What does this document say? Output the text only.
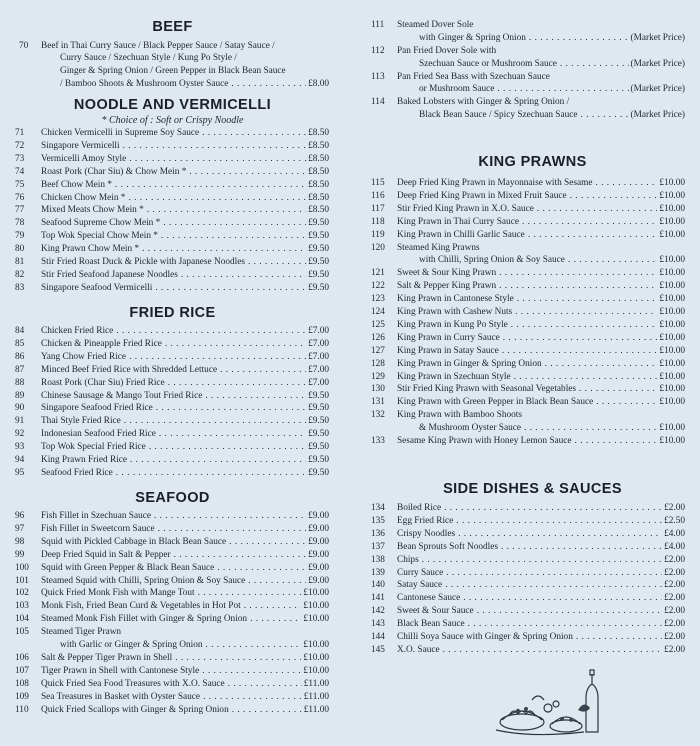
BEEF
70 Beef in Thai Curry Sauce / Black Pepper Sauce / Satay Sauce /
Curry Sauce / Szechuan Style / Kung Po Style /
Ginger & Spring Onion / Green Pepper in Black Bean Sauce
/ Bamboo Shoots & Mushroom Oyster Sauce . . .	£8.00
NOODLE AND VERMICELLI
* Choice of : Soft or Crispy Noodle
71 Chicken Vermicelli in Supreme Soy Sauce . . .	£8.50
72 Singapore Vermicelli . . .	£8.50
73 Vermicelli Amoy Style . . .	£8.50
74 Roast Pork (Char Siu) & Chow Mein * . . .	£8.50
75 Beef Chow Mein * . . .	£8.50
76 Chicken Chow Mein * . . .	£8.50
77 Mixed Meats Chow Mein * . . .	£8.50
78 Seafood Supreme Chow Mein * . . .	£9.50
79 Top Wok Special Chow Mein * . . .	£9.50
80 King Prawn Chow Mein * . . .	£9.50
81 Stir Fried Roast Duck & Pickle with Japanese Noodles . . .	£9.50
82 Stir Fried Seafood Japanese Noodles . . .	£9.50
83 Singapore Seafood Vermicelli . . .	£9.50
FRIED RICE
84 Chicken Fried Rice . . .	£7.00
85 Chicken & Pineapple Fried Rice . . .	£7.00
86 Yang Chow Fried Rice . . .	£7.00
87 Minced Beef Fried Rice with Shredded Lettuce . . .	£7.00
88 Roast Pork (Char Siu) Fried Rice . . .	£7.00
89 Chinese Sausage & Mango Tout Fried Rice . . .	£9.50
90 Singapore Seafood Fried Rice . . .	£9.50
91 Thai Style Fried Rice . . .	£9.50
92 Indonesian Seafood Fried Rice . . .	£9.50
93 Top Wok Special Fried Rice . . .	£9.50
94 King Prawn Fried Rice . . .	£9.50
95 Seafood Fried Rice . . .	£9.50
SEAFOOD
96 Fish Fillet in Szechuan Sauce . . .	£9.00
97 Fish Fillet in Sweetcorn Sauce . . .	£9.00
98 Squid with Pickled Cabbage in Black Bean Sauce . . .	£9.00
99 Deep Fried Squid in Salt & Pepper . . .	£9.00
100 Squid with Green Pepper & Black Bean Sauce . . .	£9.00
101 Steamed Squid with Chilli, Spring Onion & Soy Sauce . . .	£9.00
102 Quick Fried Monk Fish with Mange Tout . . .	£10.00
103 Monk Fish, Fried Bean Curd & Vegetables in Hot Pot . . .	£10.00
104 Steamed Monk Fish Fillet with Ginger & Spring Onion . . .	£10.00
105 Steamed Tiger Prawn
with Garlic or Ginger & Spring Onion . . .	£10.00
106 Salt & Pepper Tiger Prawn in Shell . . .	£10.00
107 Tiger Prawn in Shell with Cantonese Style . . .	£10.00
108 Quick Fried Sea Food Treasures with X.O. Sauce . . .	£11.00
109 Sea Treasures in Basket with Oyster Sauce . . .	£11.00
110 Quick Fried Scallops with Ginger & Spring Onion . . .	£11.00
111 Steamed Dover Sole
with Ginger & Spring Onion . . .	(Market Price)
112 Pan Fried Dover Sole with
Szechuan Sauce or Mushroom Sauce . . .	(Market Price)
113 Pan Fried Sea Bass with Szechuan Sauce
or Mushroom Sauce . . .	(Market Price)
114 Baked Lobsters with Ginger & Spring Onion /
Black Bean Sauce / Spicy Szechuan Sauce . . .	(Market Price)
KING PRAWNS
115 Deep Fried King Prawn in Mayonnaise with Sesame . . .	£10.00
116 Deep Fried King Prawn in Mixed Fruit Sauce . . .	£10.00
117 Stir Fried King Prawn in X.O. Sauce . . .	£10.00
118 King Prawn in Thai Curry Sauce . . .	£10.00
119 King Prawn in Chilli Garlic Sauce . . .	£10.00
120 Steamed King Prawns
with Chilli, Spring Onion & Soy Sauce . . .	£10.00
121 Sweet & Sour King Prawn . . .	£10.00
122 Salt & Pepper King Prawn . . .	£10.00
123 King Prawn in Cantonese Style . . .	£10.00
124 King Prawn with Cashew Nuts . . .	£10.00
125 King Prawn in Kung Po Style . . .	£10.00
126 King Prawn in Curry Sauce . . .	£10.00
127 King Prawn in Satay Sauce . . .	£10.00
128 King Prawn in Ginger & Spring Onion . . .	£10.00
129 King Prawn in Szechuan Style . . .	£10.00
130 Stir Fried King Prawn with Seasonal Vegetables . . .	£10.00
131 King Prawn with Green Pepper in Black Bean Sauce . . .	£10.00
132 King Prawn with Bamboo Shoots
& Mushroom Oyster Sauce . . .	£10.00
133 Sesame King Prawn with Honey Lemon Sauce . . .	£10.00
SIDE DISHES & SAUCES
134 Boiled Rice . . .	£2.00
135 Egg Fried Rice . . .	£2.50
136 Crispy Noodles . . .	£4.00
137 Bean Sprouts Soft Noodles . . .	£4.00
138 Chips . . .	£2.00
139 Curry Sauce . . .	£2.00
140 Satay Sauce . . .	£2.00
141 Cantonese Sauce . . .	£2.00
142 Sweet & Sour Sauce . . .	£2.00
143 Black Bean Sauce . . .	£2.00
144 Chilli Soya Sauce with Ginger & Spring Onion . . .	£2.00
145 X.O. Sauce . . .	£2.00
